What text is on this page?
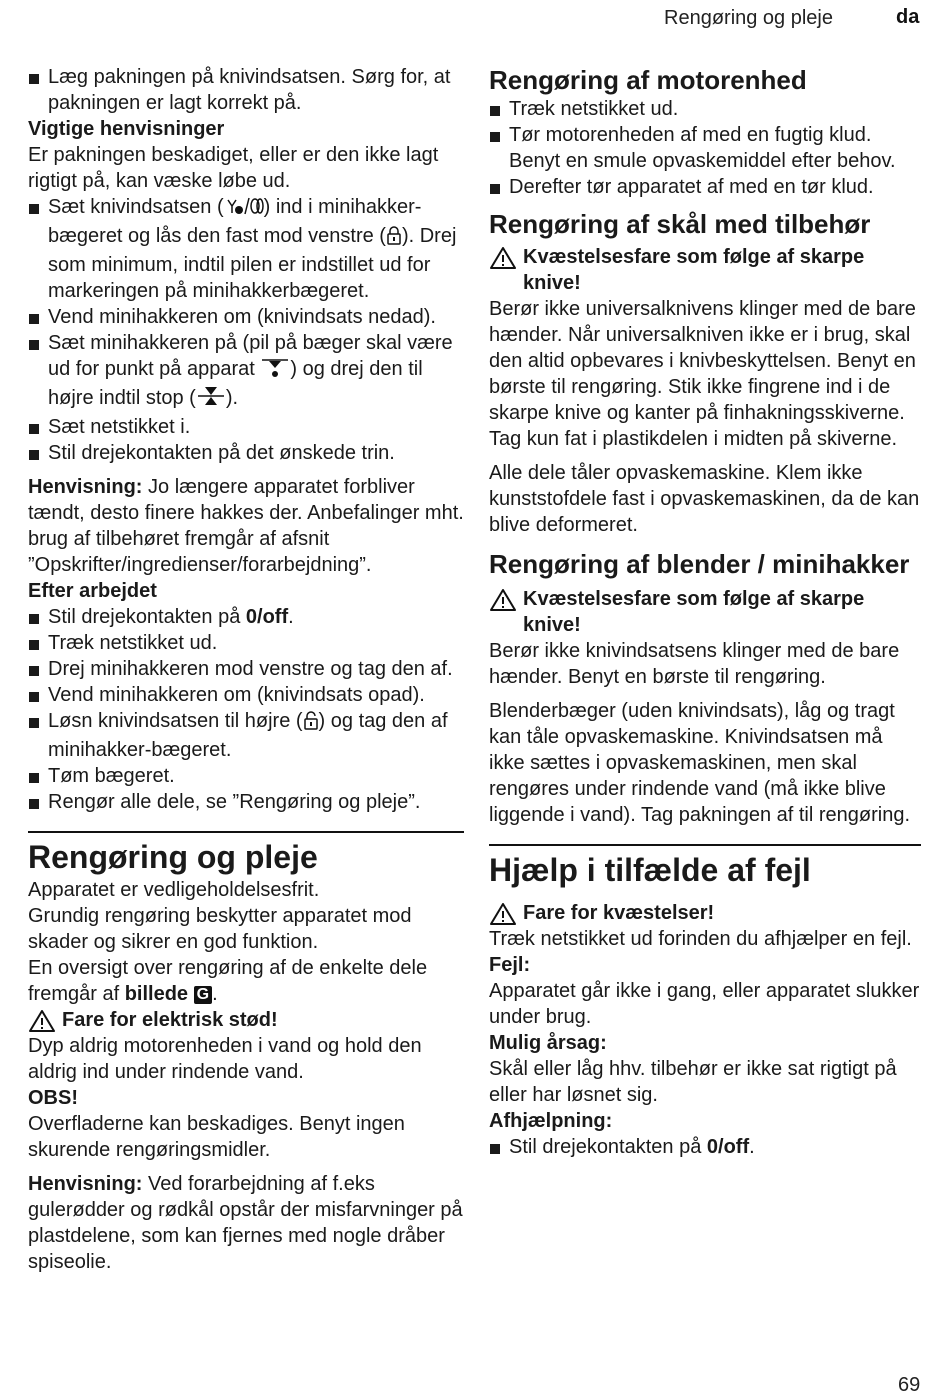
Rengøring og pleje	da
Læg pakningen på knivindsatsen. Sørg for, at pakningen er lagt korrekt på.

Vigtige henvisninger

Er pakningen beskadiget, eller er den ikke lagt rigtigt på, kan væske løbe ud.

Sæt knivindsatsen ( ) ind i minihakker-bægeret og lås den fast mod venstre ( ). Drej som minimum, indtil pilen er indstillet ud for markeringen på minihakkerbægeret.
Vend minihakkeren om (knivindsats nedad).
Sæt minihakkeren på (pil på bæger skal være ud for punkt på apparat ) og drej den til højre indtil stop ( ).
Sæt netstikket i.
Stil drejekontakten på det ønskede trin.

Henvisning: Jo længere apparatet forbliver tændt, desto finere hakkes der. Anbefalinger mht. brug af tilbehøret fremgår af afsnit ”Opskrifter/ingredienser/forarbejdning”.

Efter arbejdet

Stil drejekontakten på 0/off.
Træk netstikket ud.
Drej minihakkeren mod venstre og tag den af.
Vend minihakkeren om (knivindsats opad).
Løsn knivindsatsen til højre ( ) og tag den af minihakker-bægeret.
Tøm bægeret.
Rengør alle dele, se ”Rengøring og pleje”.

Rengøring og pleje

Apparatet er vedligeholdelsesfrit.

Grundig rengøring beskytter apparatet mod skader og sikrer en god funktion.

En oversigt over rengøring af de enkelte dele fremgår af billede G .

Fare for elektrisk stød!

Dyp aldrig motorenheden i vand og hold den aldrig ind under rindende vand.

OBS!

Overfladerne kan beskadiges. Benyt ingen skurende rengøringsmidler.

Henvisning: Ved forarbejdning af f.eks gulerødder og rødkål opstår der misfarvninger på plastdelene, som kan fjernes med nogle dråber spiseolie.

Rengøring af motorenhed

Træk netstikket ud.
Tør motorenheden af med en fugtig klud. Benyt en smule opvaskemiddel efter behov.
Derefter tør apparatet af med en tør klud.

Rengøring af skål med tilbehør

Kvæstelsesfare som følge af skarpe knive!

Berør ikke universalknivens klinger med de bare hænder. Når universalkniven ikke er i brug, skal den altid opbevares i knivbeskyttelsen. Benyt en børste til rengøring. Stik ikke fingrene ind i de skarpe knive og kanter på finhakningsskiverne. Tag kun fat i plastikdelen i midten på skiverne.

Alle dele tåler opvaskemaskine. Klem ikke kunststofdele fast i opvaskemaskinen, da de kan blive deformeret.

Rengøring af blender / minihakker

Kvæstelsesfare som følge af skarpe knive!

Berør ikke knivindsatsens klinger med de bare hænder. Benyt en børste til rengøring.

Blenderbæger (uden knivindsats), låg og tragt kan tåle opvaskemaskine. Knivindsatsen må ikke sættes i opvaskemaskinen, men skal rengøres under rindende vand (må ikke blive liggende i vand). Tag pakningen af til rengøring.

Hjælp i tilfælde af fejl

Fare for kvæstelser!

Træk netstikket ud forinden du afhjælper en fejl.

Fejl:

Apparatet går ikke i gang, eller apparatet slukker under brug.

Mulig årsag:

Skål eller låg hhv. tilbehør er ikke sat rigtigt på eller har løsnet sig.

Afhjælpning:

Stil drejekontakten på 0/off.
69
